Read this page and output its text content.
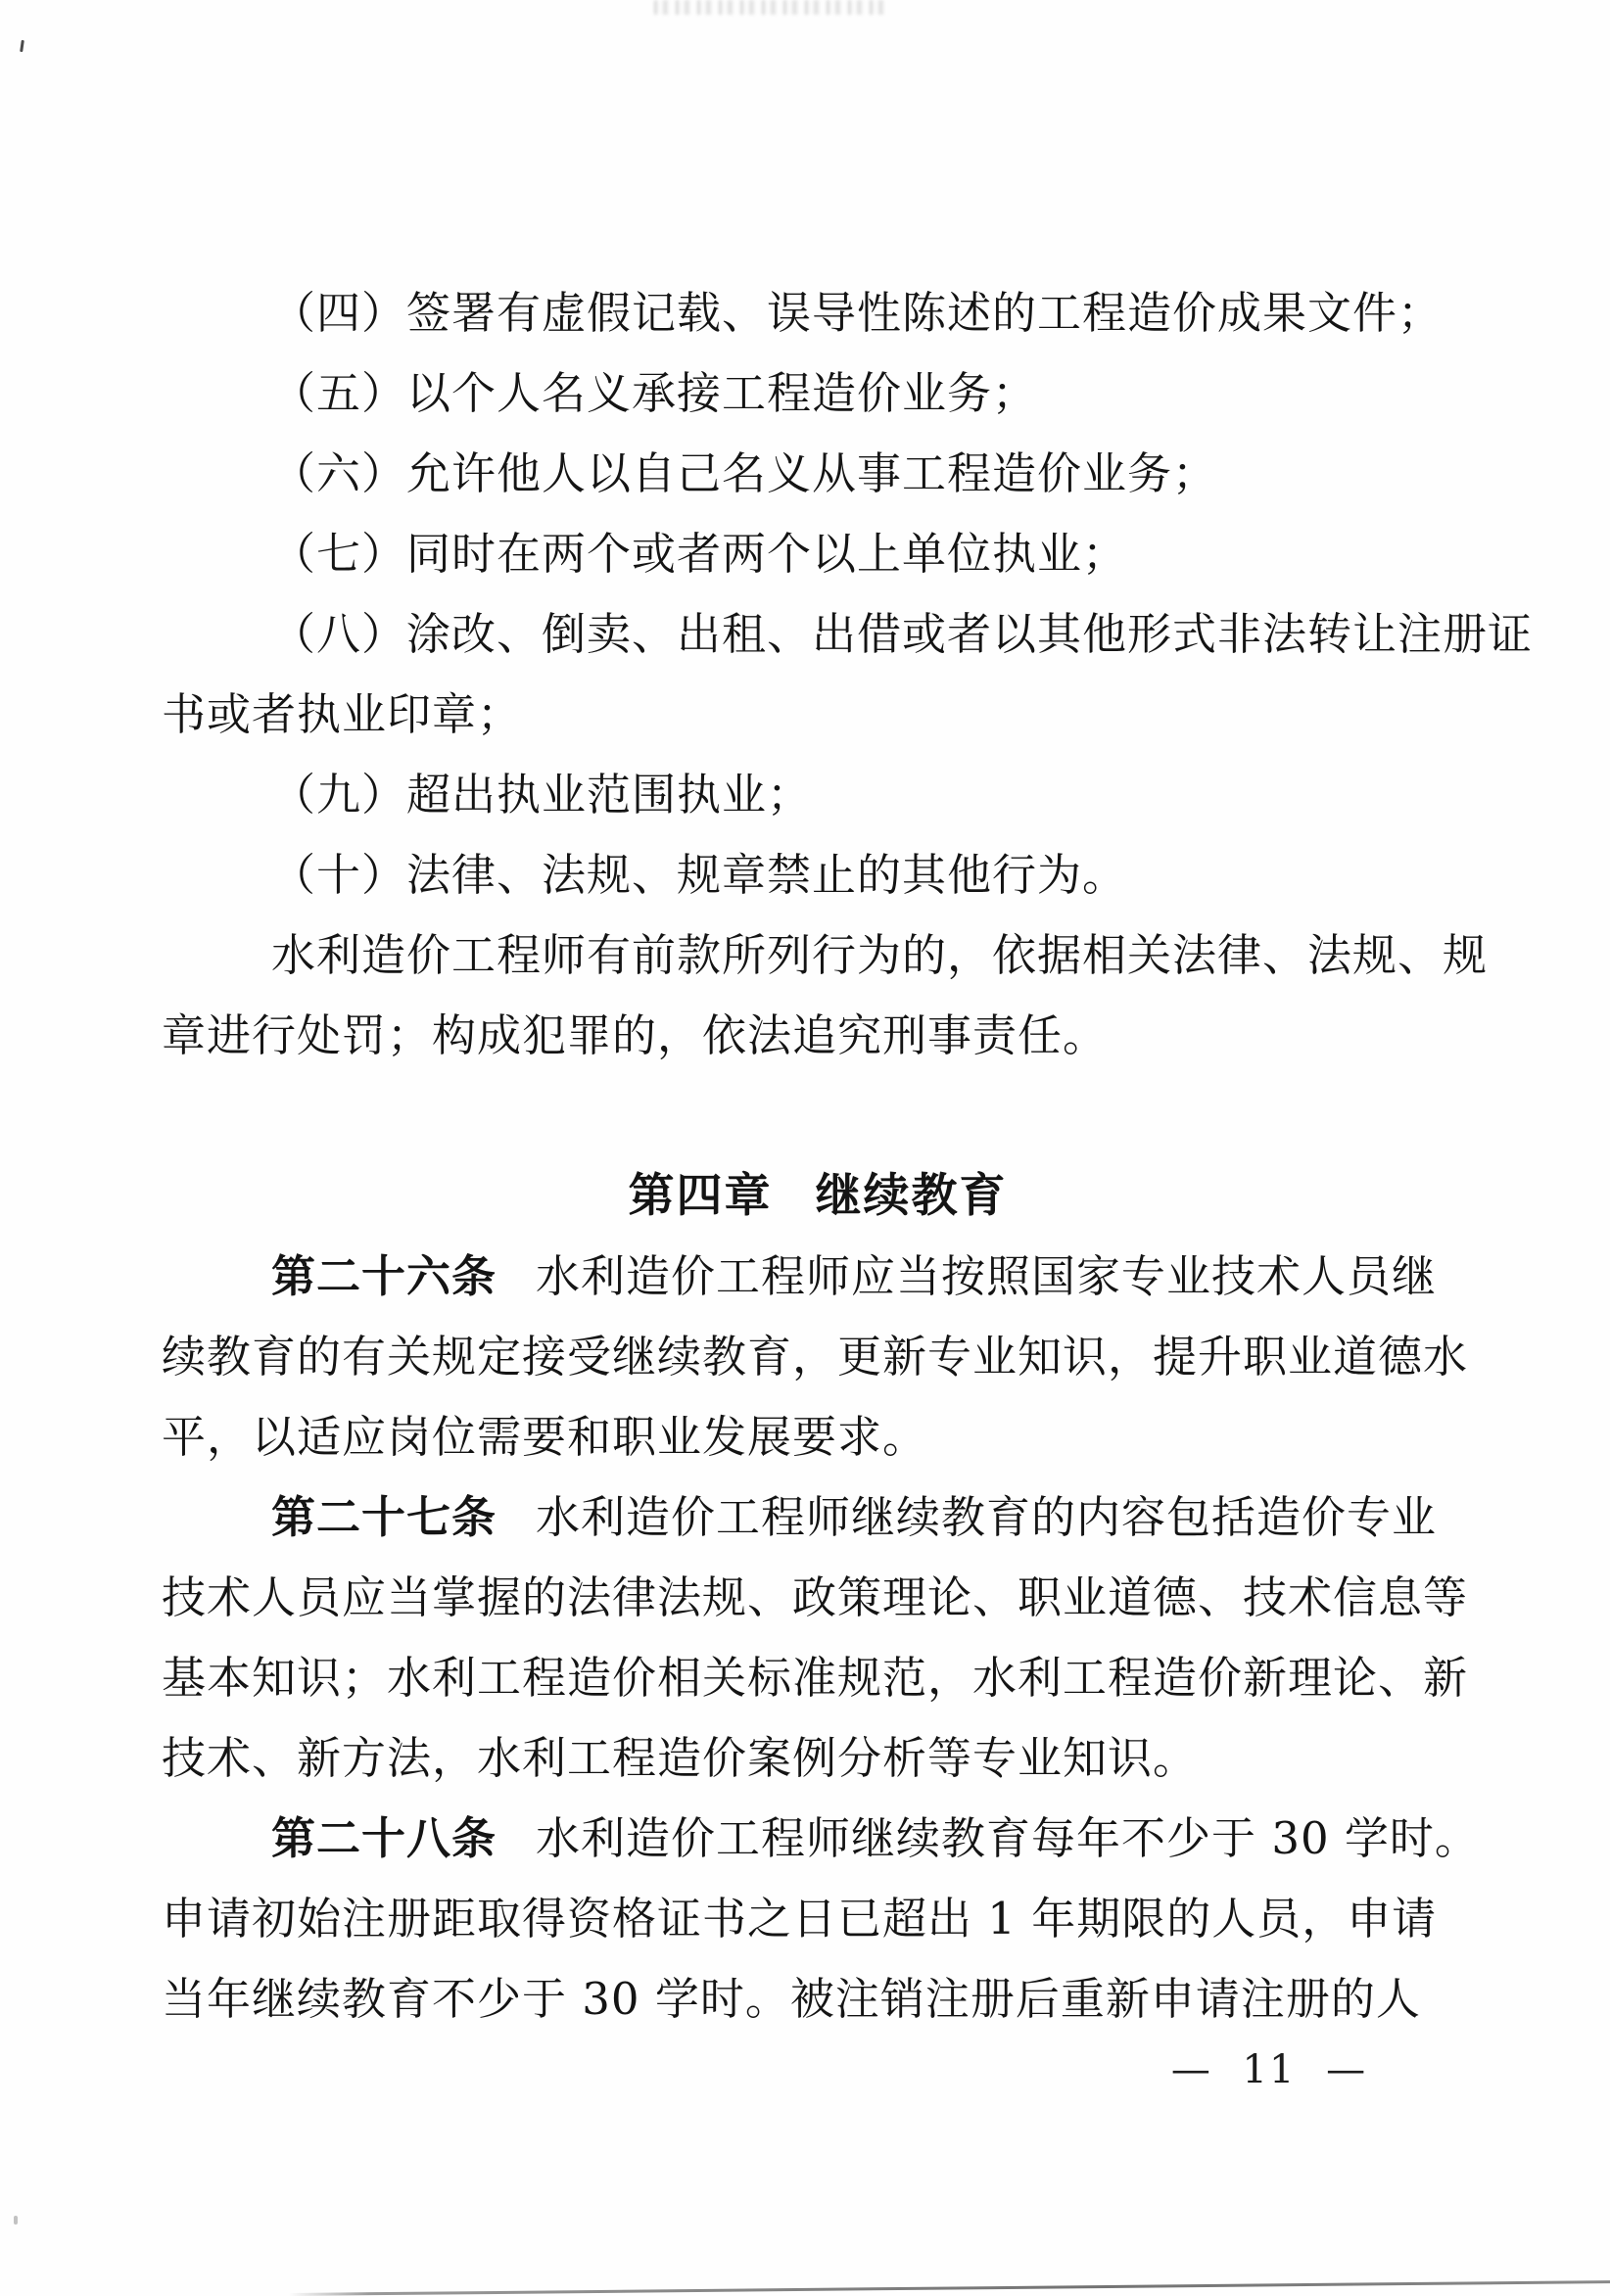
（四）签署有虚假记载、误导性陈述的工程造价成果文件；
（五）以个人名义承接工程造价业务；
（六）允许他人以自己名义从事工程造价业务；
（七）同时在两个或者两个以上单位执业；
（八）涂改、倒卖、出租、出借或者以其他形式非法转让注册证
书或者执业印章；
（九）超出执业范围执业；
（十）法律、法规、规章禁止的其他行为。
水利造价工程师有前款所列行为的，依据相关法律、法规、规
章进行处罚；构成犯罪的，依法追究刑事责任。
第四章 继续教育
第二十六条 水利造价工程师应当按照国家专业技术人员继
续教育的有关规定接受继续教育，更新专业知识，提升职业道德水
平，以适应岗位需要和职业发展要求。
第二十七条 水利造价工程师继续教育的内容包括造价专业
技术人员应当掌握的法律法规、政策理论、职业道德、技术信息等
基本知识；水利工程造价相关标准规范，水利工程造价新理论、新
技术、新方法，水利工程造价案例分析等专业知识。
第二十八条 水利造价工程师继续教育每年不少于 30 学时。
申请初始注册距取得资格证书之日已超出 1 年期限的人员，申请
当年继续教育不少于 30 学时。被注销注册后重新申请注册的人
— 11 —
